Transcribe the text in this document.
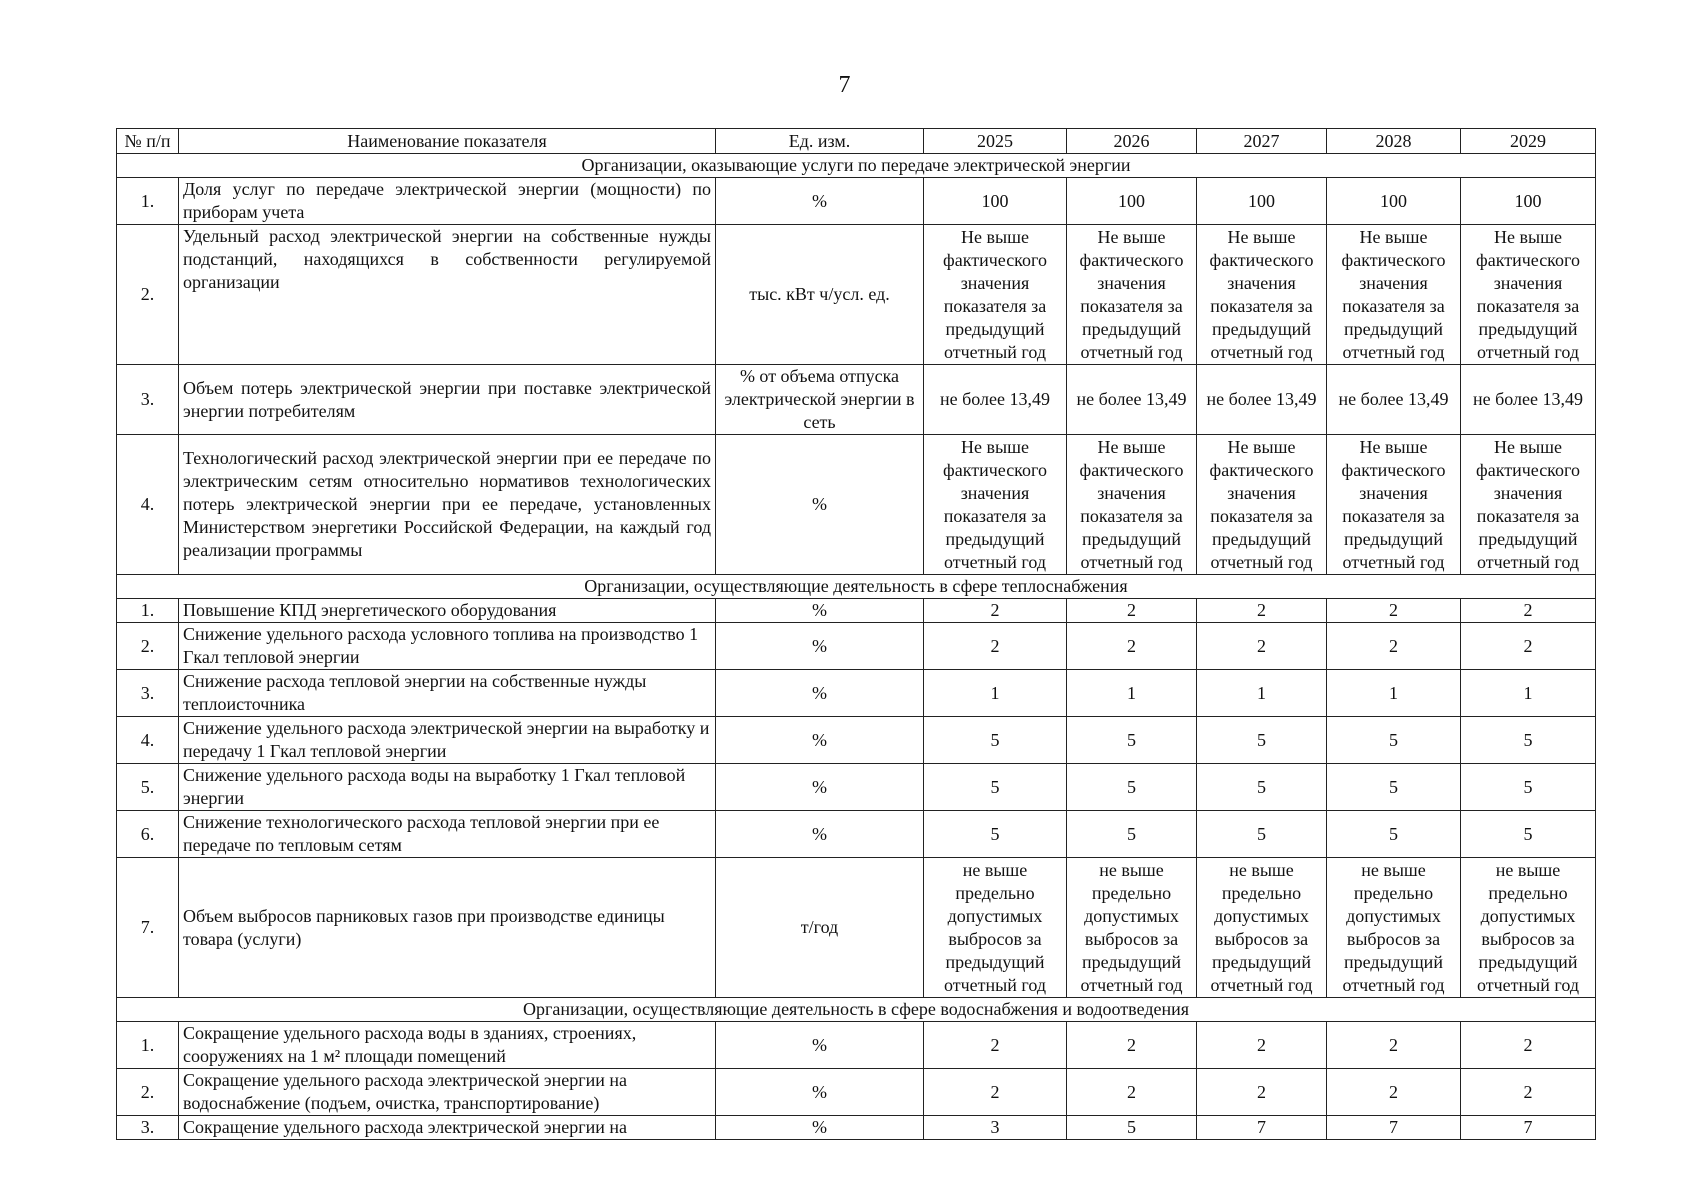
7
№ п/п	Наименование показателя	Ед. изм.	2025	2026	2027	2028	2029
Организации, оказывающие услуги по передаче электрической энергии							
1.	Доля услуг по передаче электрической энергии (мощности) по приборам учета	%	100	100	100	100	100
2.	Удельный расход электрической энергии на собственные нужды подстанций, находящихся в собственности регулируемой организации	тыс. кВт ч/усл. ед.	Не выше фактического значения показателя за предыдущий отчетный год	Не выше фактического значения показателя за предыдущий отчетный год	Не выше фактического значения показателя за предыдущий отчетный год	Не выше фактического значения показателя за предыдущий отчетный год	Не выше фактического значения показателя за предыдущий отчетный год
3.	Объем потерь электрической энергии при поставке электрической энергии потребителям	% от объема отпуска электрической энергии в сеть	не более 13,49	не более 13,49	не более 13,49	не более 13,49	не более 13,49
4.	Технологический расход электрической энергии при ее передаче по электрическим сетям относительно нормативов технологических потерь электрической энергии при ее передаче, установленных Министерством энергетики Российской Федерации, на каждый год реализации программы	%	Не выше фактического значения показателя за предыдущий отчетный год	Не выше фактического значения показателя за предыдущий отчетный год	Не выше фактического значения показателя за предыдущий отчетный год	Не выше фактического значения показателя за предыдущий отчетный год	Не выше фактического значения показателя за предыдущий отчетный год
Организации, осуществляющие деятельность в сфере теплоснабжения							
1.	Повышение КПД энергетического оборудования	%	2	2	2	2	2
2.	Снижение удельного расхода условного топлива на производство 1 Гкал тепловой энергии	%	2	2	2	2	2
3.	Снижение расхода тепловой энергии на собственные нужды теплоисточника	%	1	1	1	1	1
4.	Снижение удельного расхода электрической энергии на выработку и передачу 1 Гкал тепловой энергии	%	5	5	5	5	5
5.	Снижение удельного расхода воды на выработку 1 Гкал тепловой энергии	%	5	5	5	5	5
6.	Снижение технологического расхода тепловой энергии при ее передаче по тепловым сетям	%	5	5	5	5	5
7.	Объем выбросов парниковых газов при производстве единицы товара (услуги)	т/год	не выше предельно допустимых выбросов за предыдущий отчетный год	не выше предельно допустимых выбросов за предыдущий отчетный год	не выше предельно допустимых выбросов за предыдущий отчетный год	не выше предельно допустимых выбросов за предыдущий отчетный год	не выше предельно допустимых выбросов за предыдущий отчетный год
Организации, осуществляющие деятельность в сфере водоснабжения и водоотведения							
1.	Сокращение удельного расхода воды в зданиях, строениях, сооружениях на 1 м² площади помещений	%	2	2	2	2	2
2.	Сокращение удельного расхода электрической энергии на водоснабжение (подъем, очистка, транспортирование)	%	2	2	2	2	2
3.	Сокращение удельного расхода электрической энергии на	%	3	5	7	7	7
